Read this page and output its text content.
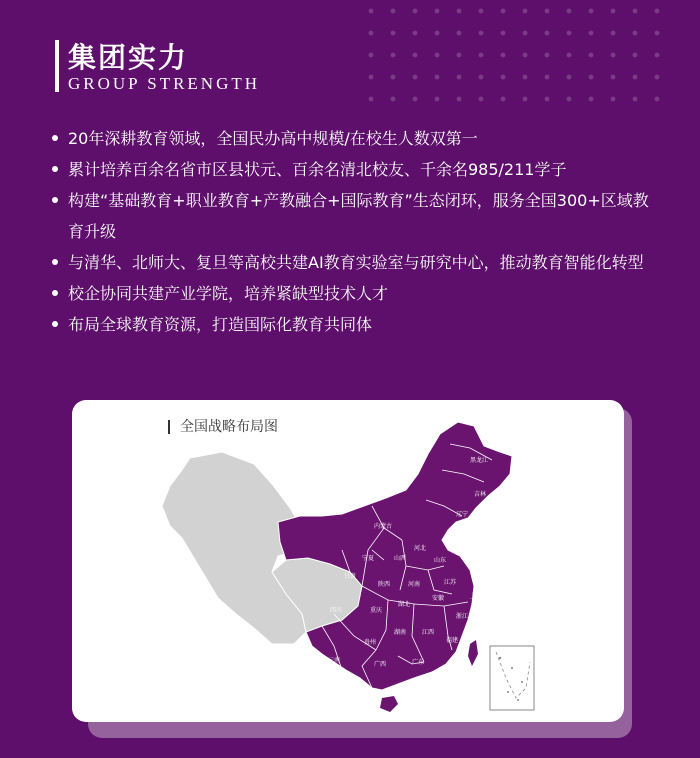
集团实力
GROUP STRENGTH
20年深耕教育领域，全国民办高中规模/在校生人数双第一
累计培养百余名省市区县状元、百余名清北校友、千余名985/211学子
构建“基础教育+职业教育+产教融合+国际教育”生态闭环，服务全国300+区域教育升级
与清华、北师大、复旦等高校共建AI教育实验室与研究中心，推动教育智能化转型
校企协同共建产业学院，培养紧缺型技术人才
布局全球教育资源，打造国际化教育共同体
全国战略布局图
黑龙江
吉林
辽宁
内蒙古
河北
山西	山东
河南	江苏
上海
陕西
宁夏
甘肃
四川	重庆
湖北
安徽
浙江
湖南	江西
福建
贵州
云南
广西	广东
